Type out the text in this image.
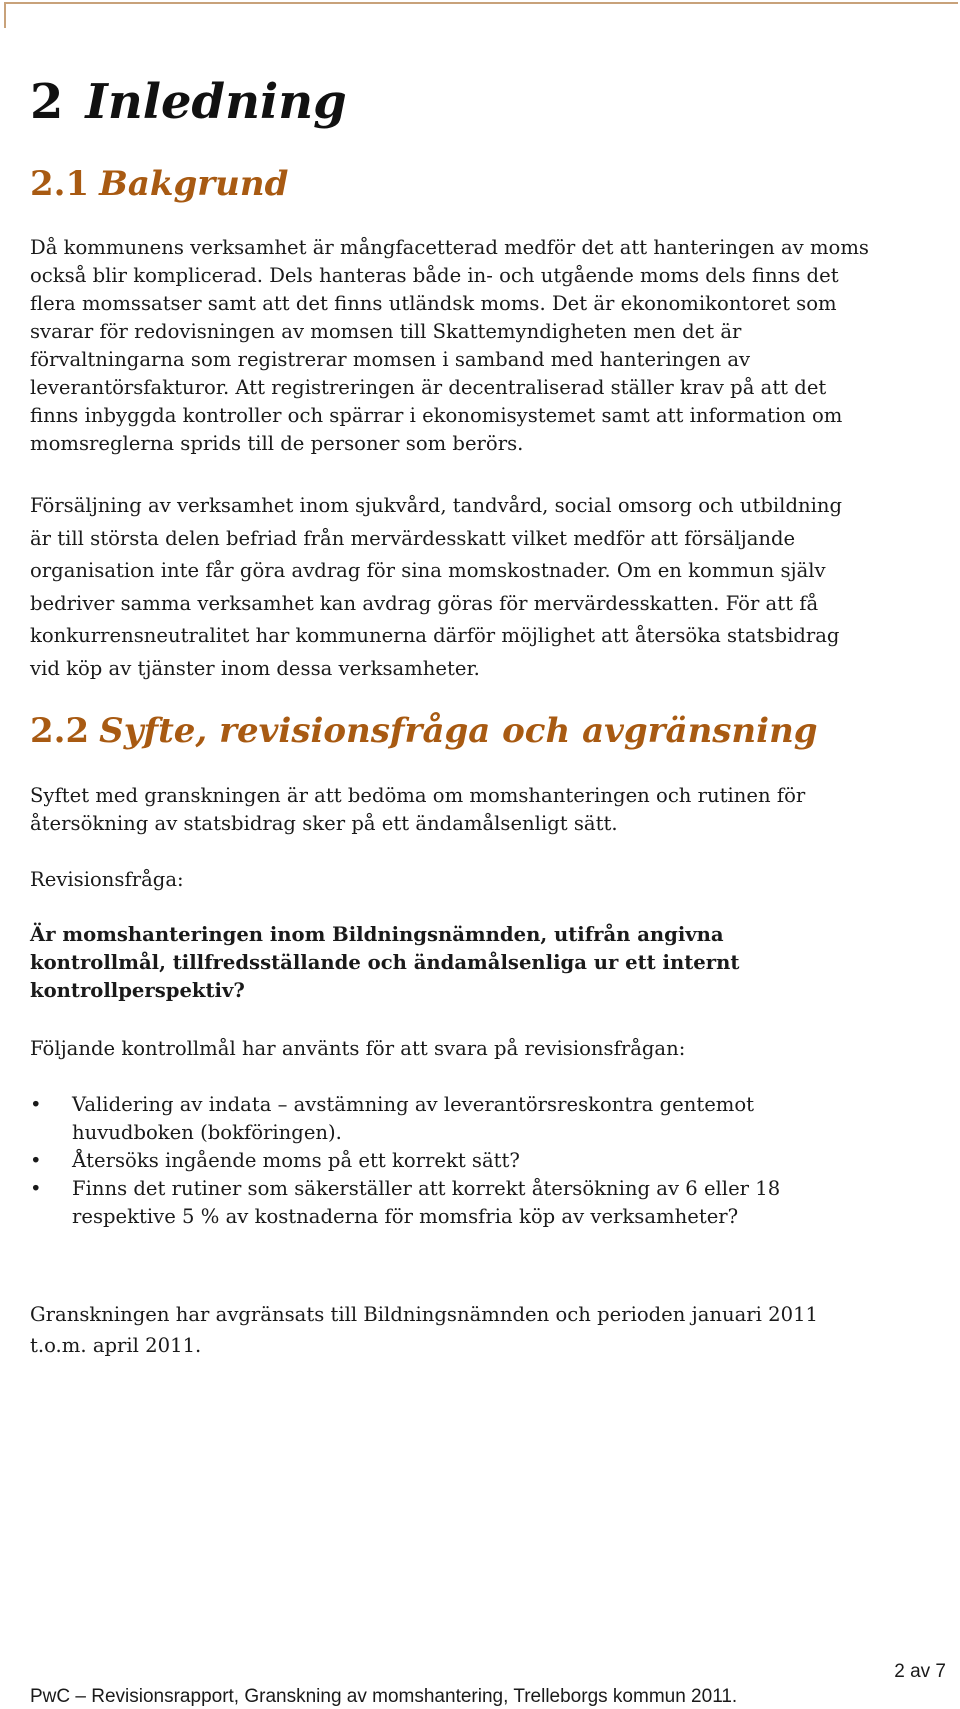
2 Inledning
2.1 Bakgrund

Då kommunens verksamhet är mångfacetterad medför det att hanteringen av moms
också blir komplicerad. Dels hanteras både in- och utgående moms dels finns det
flera momssatser samt att det finns utländsk moms. Det är ekonomikontoret som
svarar för redovisningen av momsen till Skattemyndigheten men det är
förvaltningarna som registrerar momsen i samband med hanteringen av
leverantörsfakturor. Att registreringen är decentraliserad ställer krav på att det
finns inbyggda kontroller och spärrar i ekonomisystemet samt att information om
momsreglerna sprids till de personer som berörs.

Försäljning av verksamhet inom sjukvård, tandvård, social omsorg och utbildning
är till största delen befriad från mervärdesskatt vilket medför att försäljande
organisation inte får göra avdrag för sina momskostnader. Om en kommun själv
bedriver samma verksamhet kan avdrag göras för mervärdesskatten. För att få
konkurrensneutralitet har kommunerna därför möjlighet att återsöka statsbidrag
vid köp av tjänster inom dessa verksamheter.

2.2 Syfte, revisionsfråga och avgränsning

Syftet med granskningen är att bedöma om momshanteringen och rutinen för
återsökning av statsbidrag sker på ett ändamålsenligt sätt.

Revisionsfråga:

Är momshanteringen inom Bildningsnämnden, utifrån angivna
kontrollmål, tillfredsställande och ändamålsenliga ur ett internt
kontrollperspektiv?

Följande kontrollmål har använts för att svara på revisionsfrågan:

• Validering av indata – avstämning av leverantörsreskontra gentemot
huvudboken (bokföringen).
• Återsöks ingående moms på ett korrekt sätt?
• Finns det rutiner som säkerställer att korrekt återsökning av 6 eller 18
respektive 5 % av kostnaderna för momsfria köp av verksamheter?

Granskningen har avgränsats till Bildningsnämnden och perioden januari 2011
t.o.m. april 2011.

2 av 7
PwC – Revisionsrapport, Granskning av momshantering, Trelleborgs kommun 2011.
